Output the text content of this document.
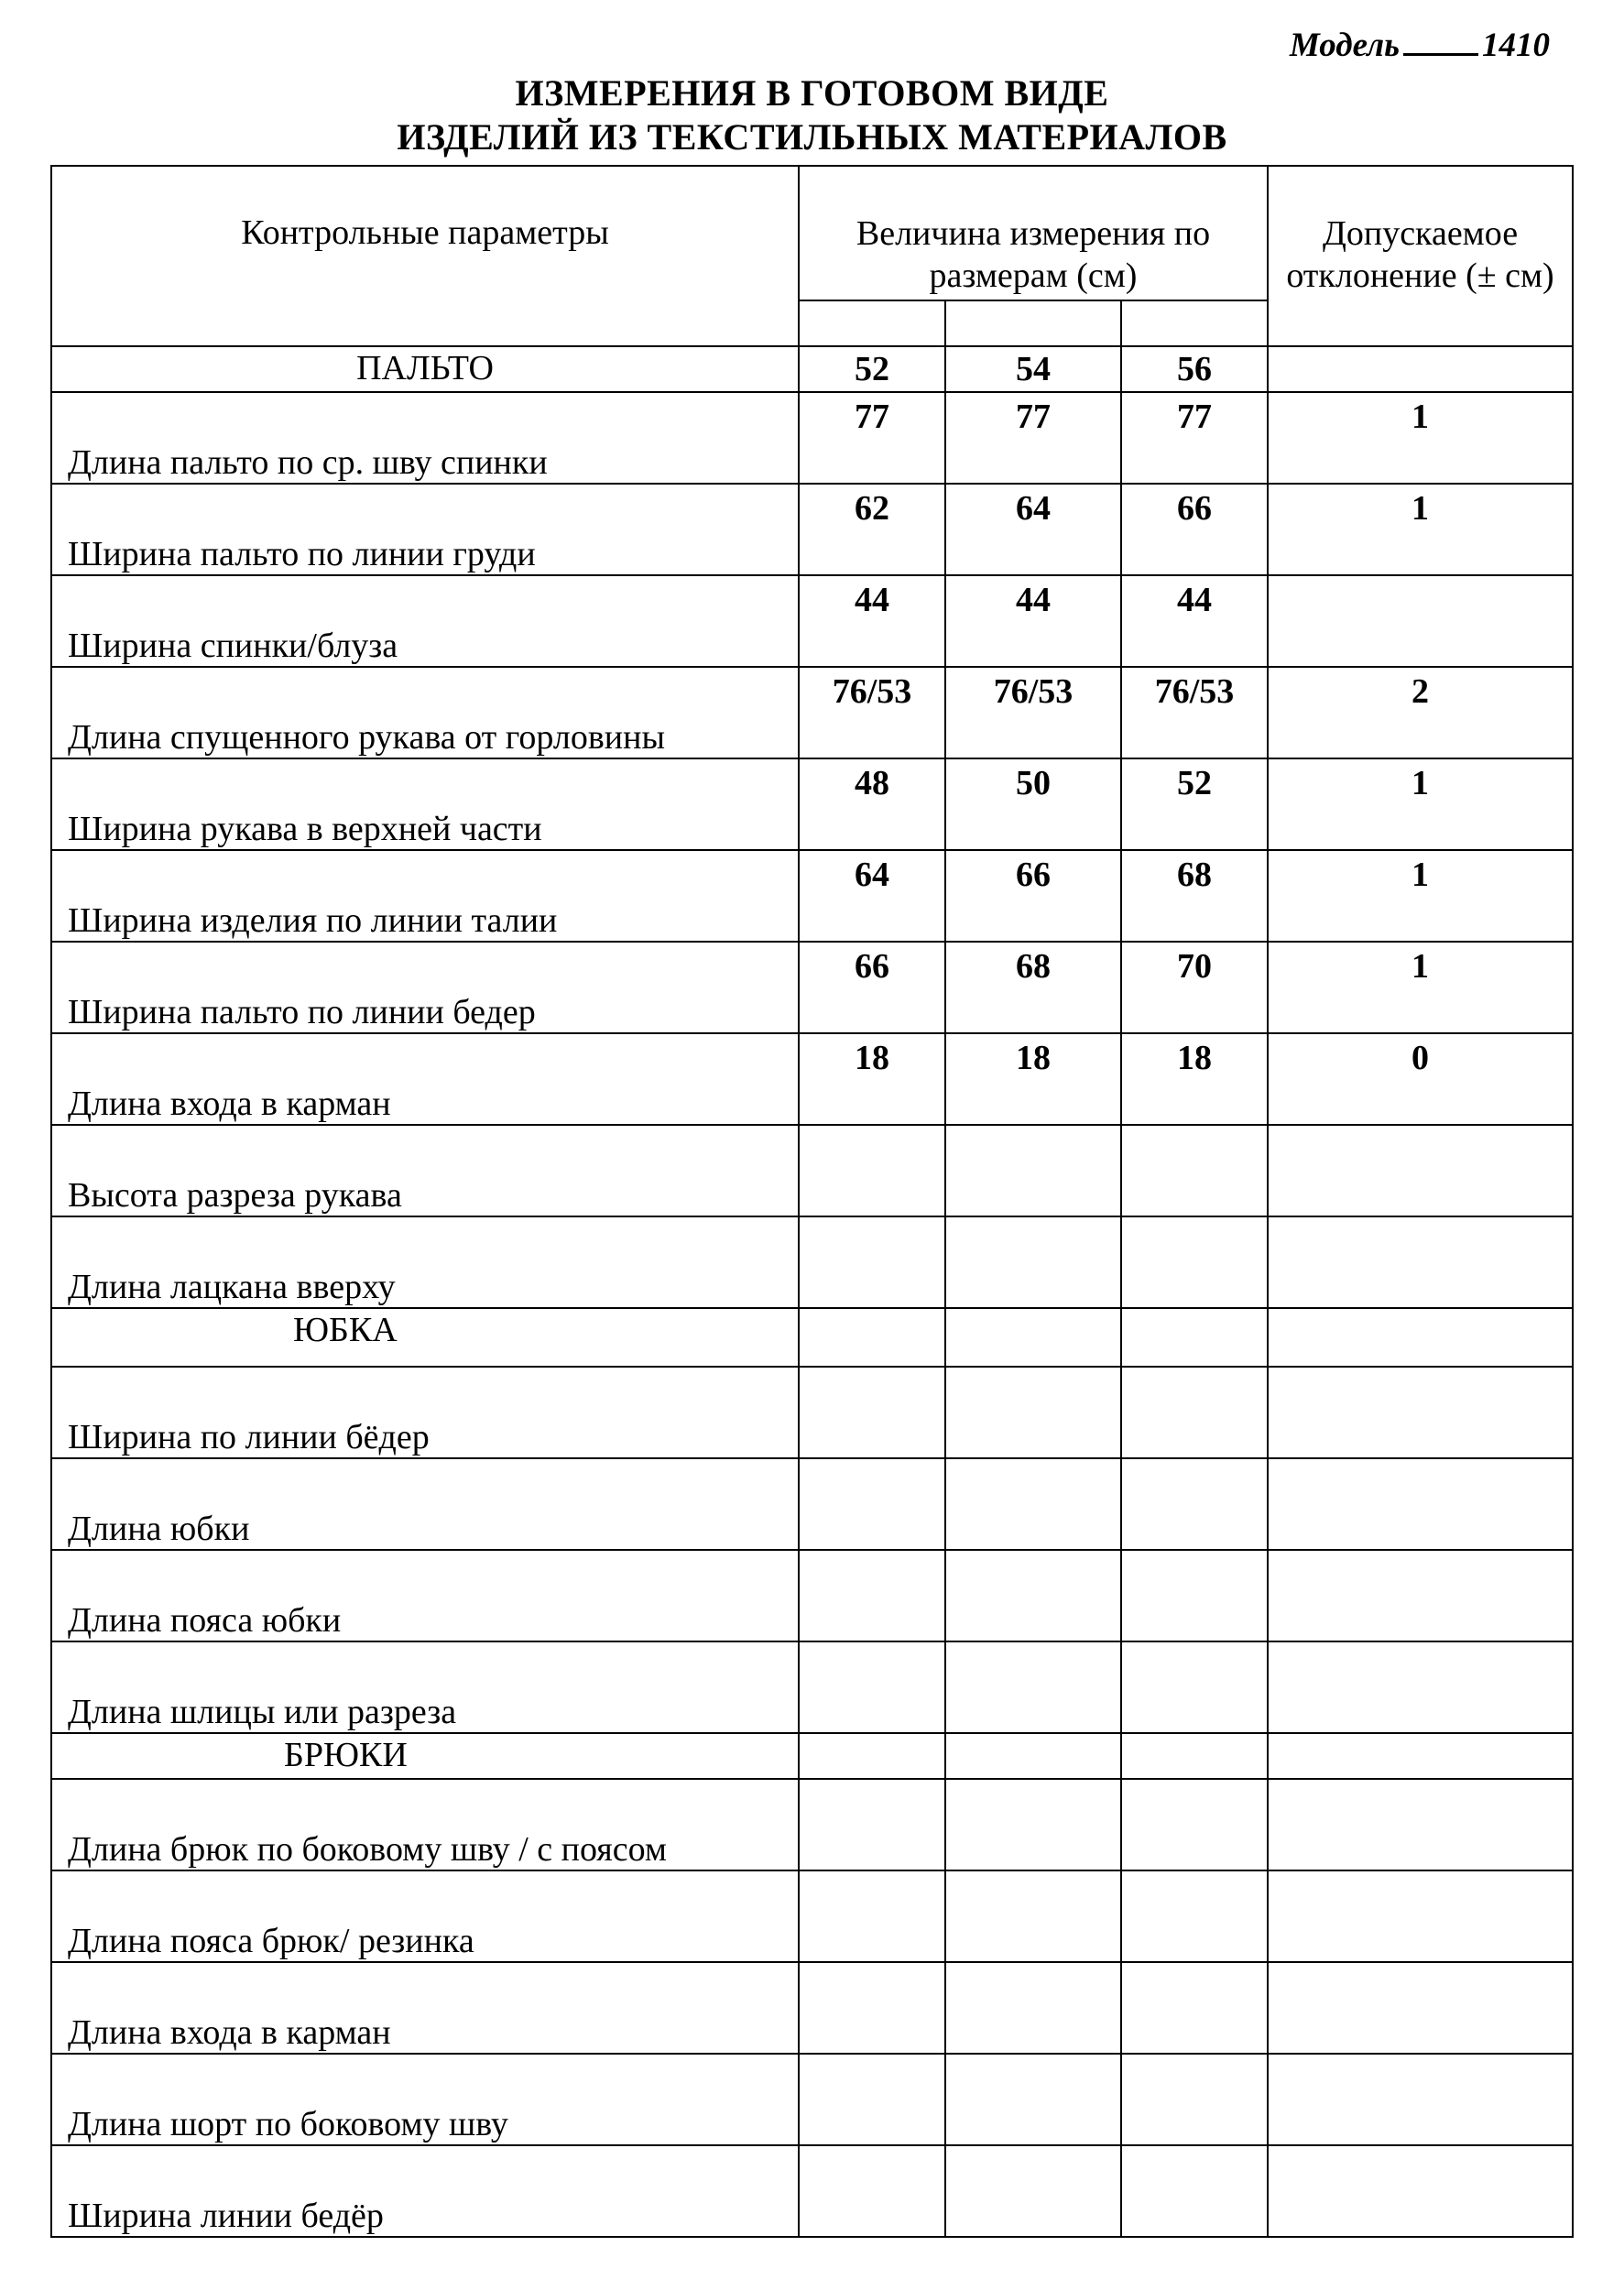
Модель 1410
ИЗМЕРЕНИЯ В ГОТОВОМ ВИДЕ
ИЗДЕЛИЙ ИЗ ТЕКСТИЛЬНЫХ МАТЕРИАЛОВ
Контрольные параметры	Величина измерения по размерам (см)			Допускаемое отклонение (± см)

ПАЛЬТО	52	54	56	
Длина пальто по ср. шву спинки	77	77	77	1
Ширина пальто по линии груди	62	64	66	1
Ширина спинки/блуза	44	44	44	
Длина спущенного рукава от горловины	76/53	76/53	76/53	2
Ширина рукава в верхней части	48	50	52	1
Ширина изделия по линии талии	64	66	68	1
Ширина пальто по линии бедер	66	68	70	1
Длина входа в карман	18	18	18	0
Высота разреза рукава				
Длина лацкана вверху				
ЮБКА				
Ширина по линии бёдер				
Длина юбки				
Длина пояса юбки				
Длина шлицы или разреза				
БРЮКИ				
Длина брюк по боковому шву / с поясом				
Длина пояса брюк/ резинка				
Длина входа в карман				
Длина шорт по боковому шву				
Ширина линии бедёр				
